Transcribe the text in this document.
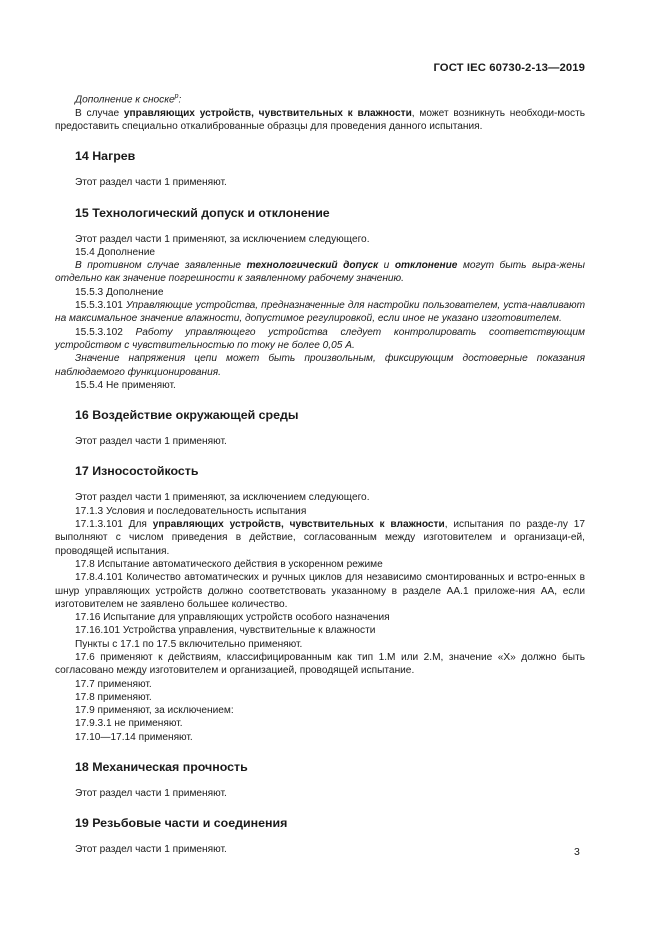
ГОСТ IEC 60730-2-13—2019

Дополнение к сноске$^р$:

В случае управляющих устройств, чувствительных к влажности, может возникнуть необходи-мость предоставить специально откалиброванные образцы для проведения данного испытания.

14 Нагрев

Этот раздел части 1 применяют.

15 Технологический допуск и отклонение

Этот раздел части 1 применяют, за исключением следующего.

15.4 Дополнение

В противном случае заявленные технологический допуск и отклонение могут быть выра-жены отдельно как значение погрешности к заявленному рабочему значению.

15.5.3 Дополнение

15.5.3.101 Управляющие устройства, предназначенные для настройки пользователем, уста-навливают на максимальное значение влажности, допустимое регулировкой, если иное не указано изготовителем.

15.5.3.102 Работу управляющего устройства следует контролировать соответствующим устройством с чувствительностью по току не более 0,05 А.

Значение напряжения цепи может быть произвольным, фиксирующим достоверные показания наблюдаемого функционирования.

15.5.4 Не применяют.

16 Воздействие окружающей среды

Этот раздел части 1 применяют.

17 Износостойкость

Этот раздел части 1 применяют, за исключением следующего.

17.1.3 Условия и последовательность испытания

17.1.3.101 Для управляющих устройств, чувствительных к влажности, испытания по разде-лу 17 выполняют с числом приведения в действие, согласованным между изготовителем и организаци-ей, проводящей испытания.

17.8 Испытание автоматического действия в ускоренном режиме

17.8.4.101 Количество автоматических и ручных циклов для независимо смонтированных и встро-енных в шнур управляющих устройств должно соответствовать указанному в разделе АА.1 приложе-ния АА, если изготовителем не заявлено большее количество.

17.16 Испытание для управляющих устройств особого назначения

17.16.101 Устройства управления, чувствительные к влажности

Пункты с 17.1 по 17.5 включительно применяют.

17.6 применяют к действиям, классифицированным как тип 1.М или 2.М, значение «Х» должно быть согласовано между изготовителем и организацией, проводящей испытание.

17.7 применяют.

17.8 применяют.

17.9 применяют, за исключением:

17.9.3.1 не применяют.

17.10—17.14 применяют.

18 Механическая прочность

Этот раздел части 1 применяют.

19 Резьбовые части и соединения

Этот раздел части 1 применяют.	3
